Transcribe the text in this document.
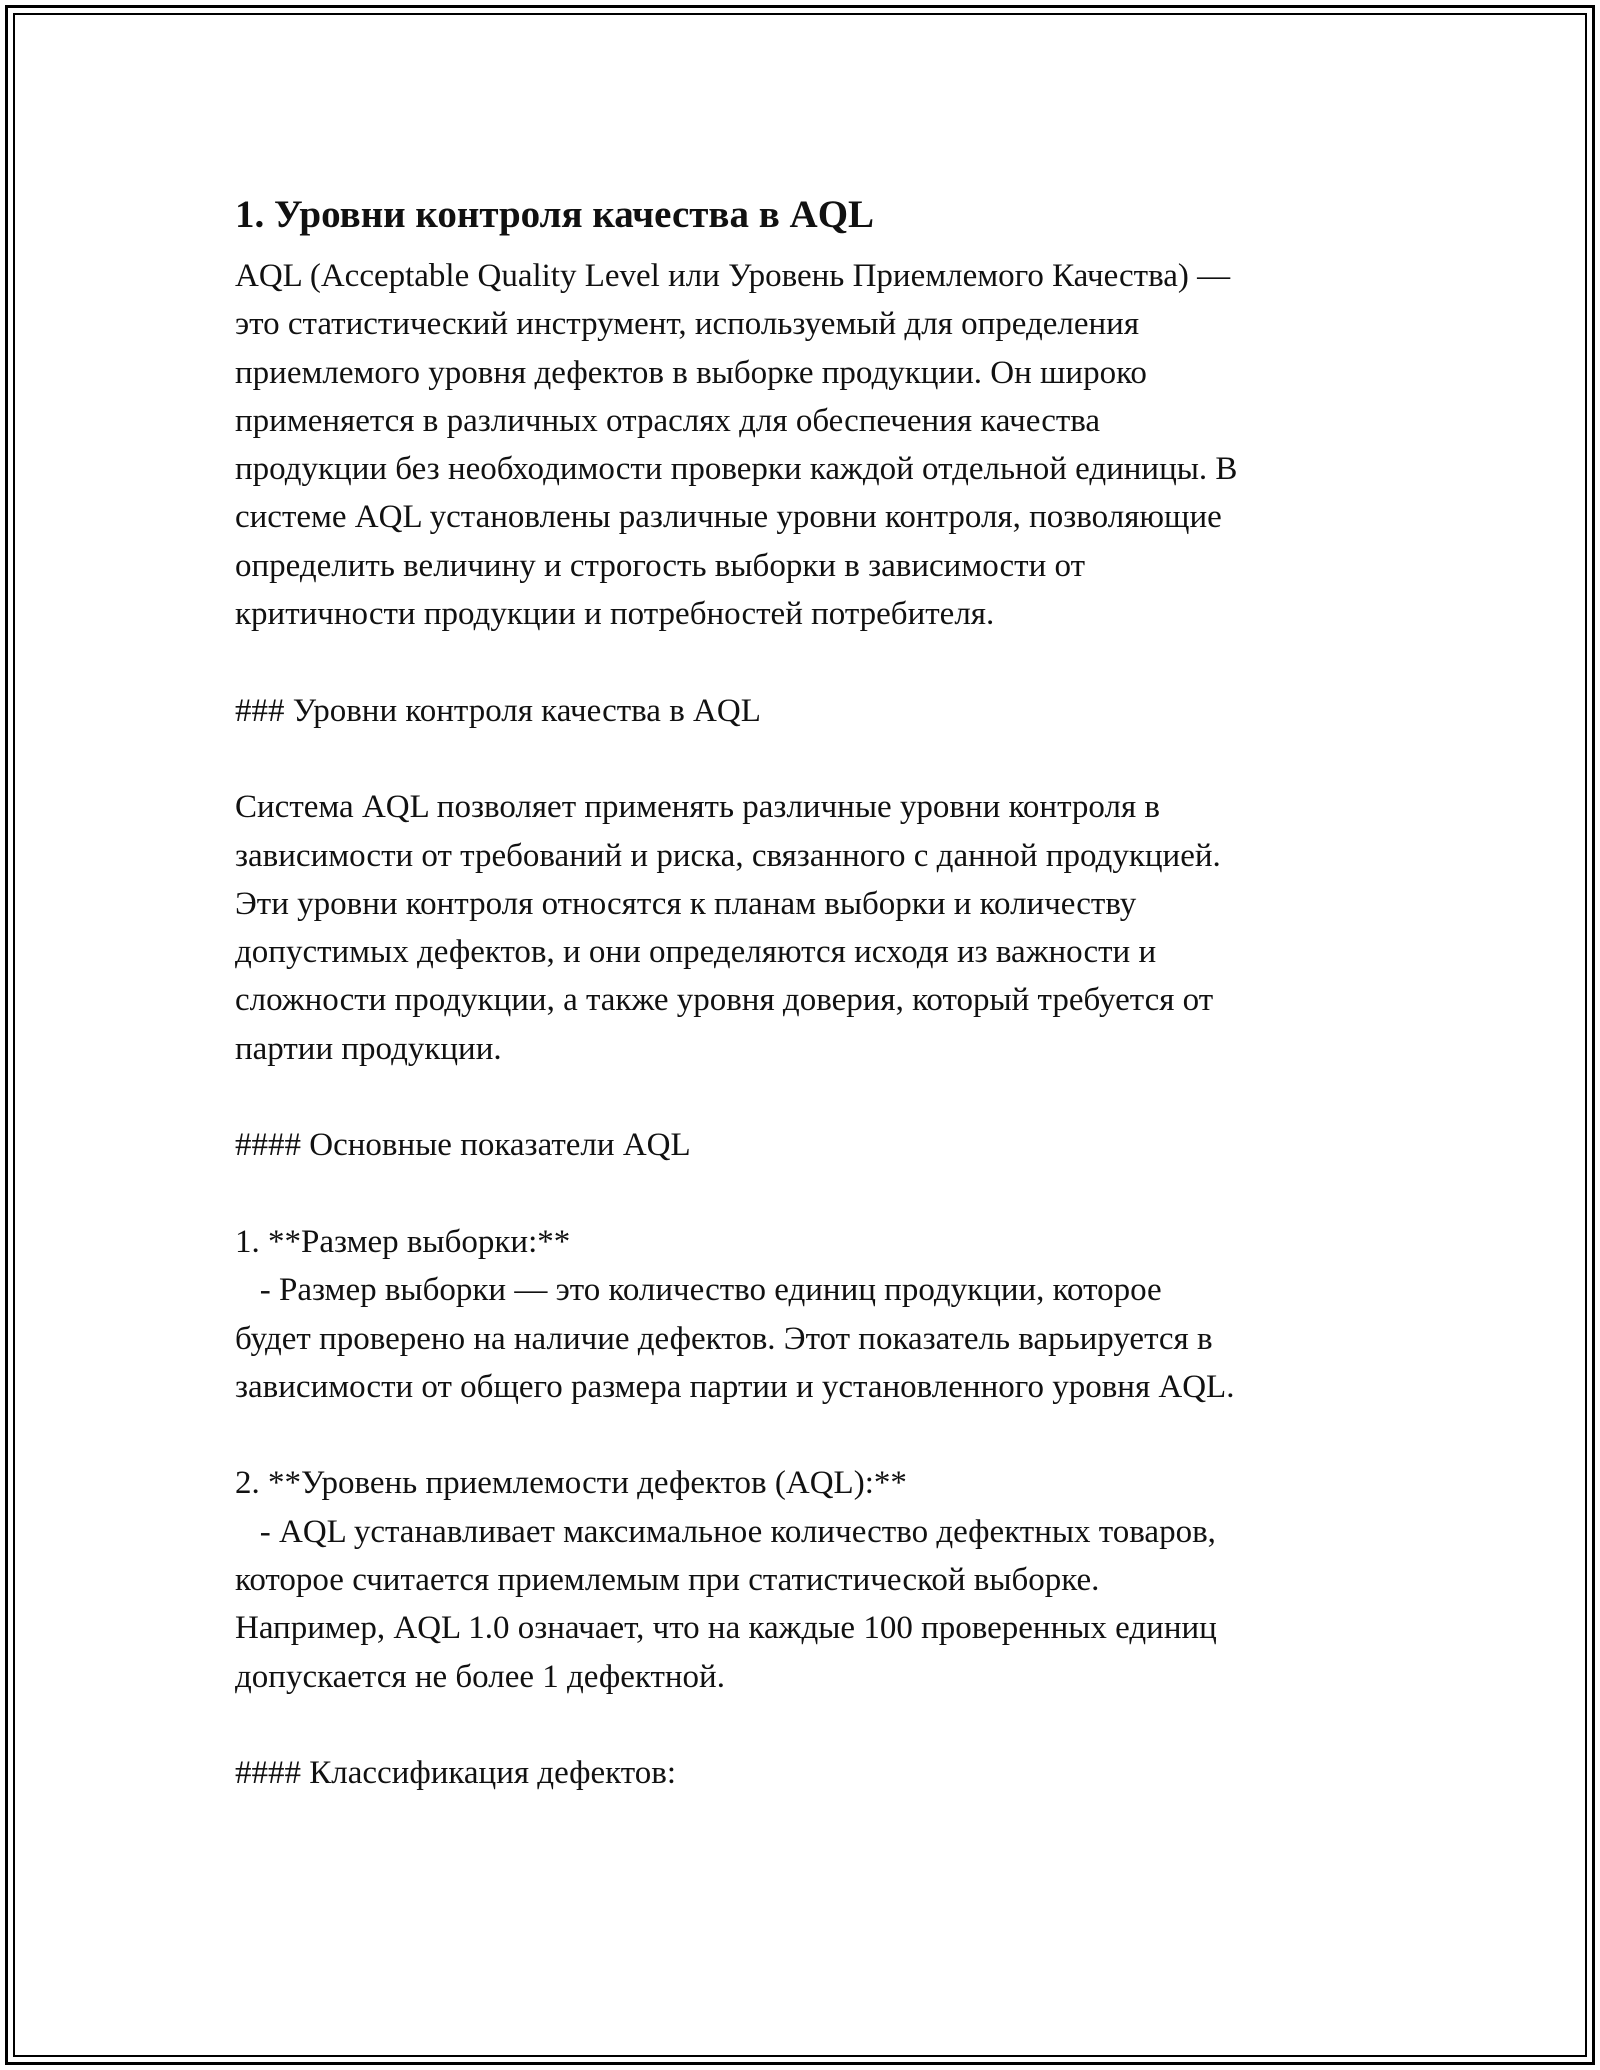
1. Уровни контроля качества в AQL

AQL (Acceptable Quality Level или Уровень Приемлемого Качества) —
это статистический инструмент, используемый для определения
приемлемого уровня дефектов в выборке продукции. Он широко
применяется в различных отраслях для обеспечения качества
продукции без необходимости проверки каждой отдельной единицы. В
системе AQL установлены различные уровни контроля, позволяющие
определить величину и строгость выборки в зависимости от
критичности продукции и потребностей потребителя.

### Уровни контроля качества в AQL

Система AQL позволяет применять различные уровни контроля в
зависимости от требований и риска, связанного с данной продукцией.
Эти уровни контроля относятся к планам выборки и количеству
допустимых дефектов, и они определяются исходя из важности и
сложности продукции, а также уровня доверия, который требуется от
партии продукции.

#### Основные показатели AQL

1. **Размер выборки:**
- Размер выборки — это количество единиц продукции, которое
будет проверено на наличие дефектов. Этот показатель варьируется в
зависимости от общего размера партии и установленного уровня AQL.

2. **Уровень приемлемости дефектов (AQL):**
- AQL устанавливает максимальное количество дефектных товаров,
которое считается приемлемым при статистической выборке.
Например, AQL 1.0 означает, что на каждые 100 проверенных единиц
допускается не более 1 дефектной.

#### Классификация дефектов:
